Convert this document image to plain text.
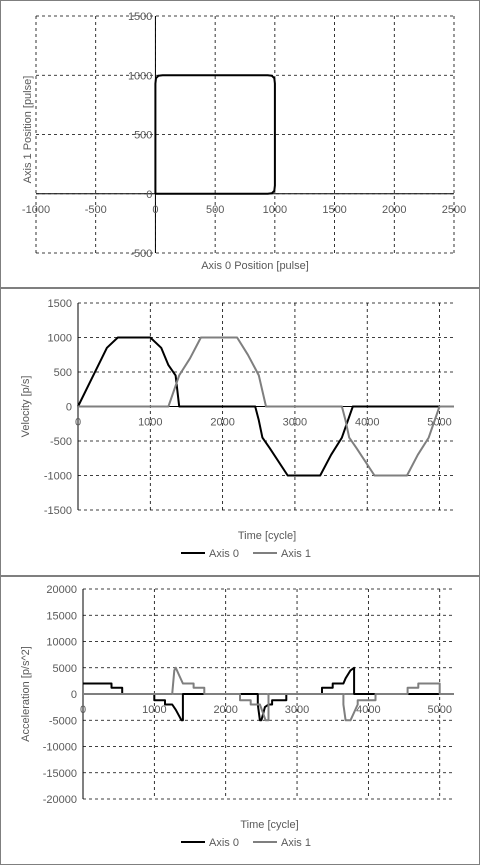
-1000	-500	0	500	1000	1500	2000	2500
-500
0
500
1000
1500
Axis 0 Position [pulse]
Axis 1 Position [pulse]
0	1000	2000	3000	4000	5000
-1500
-1000
-500
0
500
1000
1500
Time [cycle]
Velocity [p/s]
Axis 0	Axis 1
0	1000	2000	3000	4000	5000
-20000
-15000
-10000
-5000
0
5000
10000
15000
20000
Time [cycle]
Acceleration [p/s^2]
Axis 0	Axis 1
